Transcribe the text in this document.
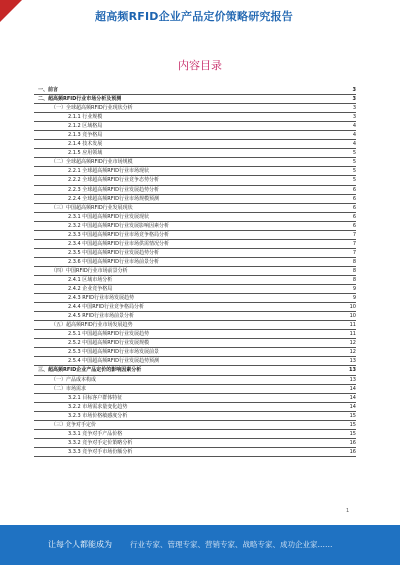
超高频RFID企业产品定价策略研究报告
内容目录
一、前言	3
二、超高频RFID行业市场分析及预测	3
（一）全球超高频RFID行业现状分析	3
2.1.1 行业规模	3
2.1.2 区域格局	4
2.1.3 竞争格局	4
2.1.4 技术发展	4
2.1.5 应用领域	5
（二）全球超高频RFID行业市场规模	5
2.2.1 全球超高频RFID行业市场现状	5
2.2.2 全球超高频RFID行业竞争态势分析	5
2.2.3 全球超高频RFID行业发展趋势分析	6
2.2.4 全球超高频RFID行业市场规模预测	6
（三）中国超高频RFID行业发展现状	6
2.3.1 中国超高频RFID行业发展现状	6
2.3.2 中国超高频RFID行业发展影响因素分析	6
2.3.3 中国超高频RFID行业市场竞争格局分析	7
2.3.4 中国超高频RFID行业市场供需情况分析	7
2.3.5 中国超高频RFID行业发展趋势分析	7
2.3.6 中国超高频RFID行业市场前景分析	8
（四）中国RFID行业市场前景分析	8
2.4.1 区域市场分析	8
2.4.2 企业竞争格局	9
2.4.3 RFID行业市场发展趋势	9
2.4.4 中国RFID行业竞争格局分析	10
2.4.5 RFID行业市场前景分析	10
（五）超高频RFID行业市场发展趋势	11
2.5.1 中国超高频RFID行业发展趋势	11
2.5.2 中国超高频RFID行业发展规模	12
2.5.3 中国超高频RFID行业市场发展前景	12
2.5.4 中国超高频RFID行业发展趋势预测	13
三、超高频RFID企业产品定价的影响因素分析	13
（一）产品成本构成	13
（二）市场需求	14
3.2.1 目标客户群体特征	14
3.2.2 市场需求量变化趋势	14
3.2.3 市场价格敏感度分析	15
（三）竞争对手定价	15
3.3.1 竞争对手产品价格	15
3.3.2 竞争对手定价策略分析	16
3.3.3 竞争对手市场份额分析	16
1
让每个人都能成为 行业专家、管理专家、营销专家、战略专家、成功企业家……
